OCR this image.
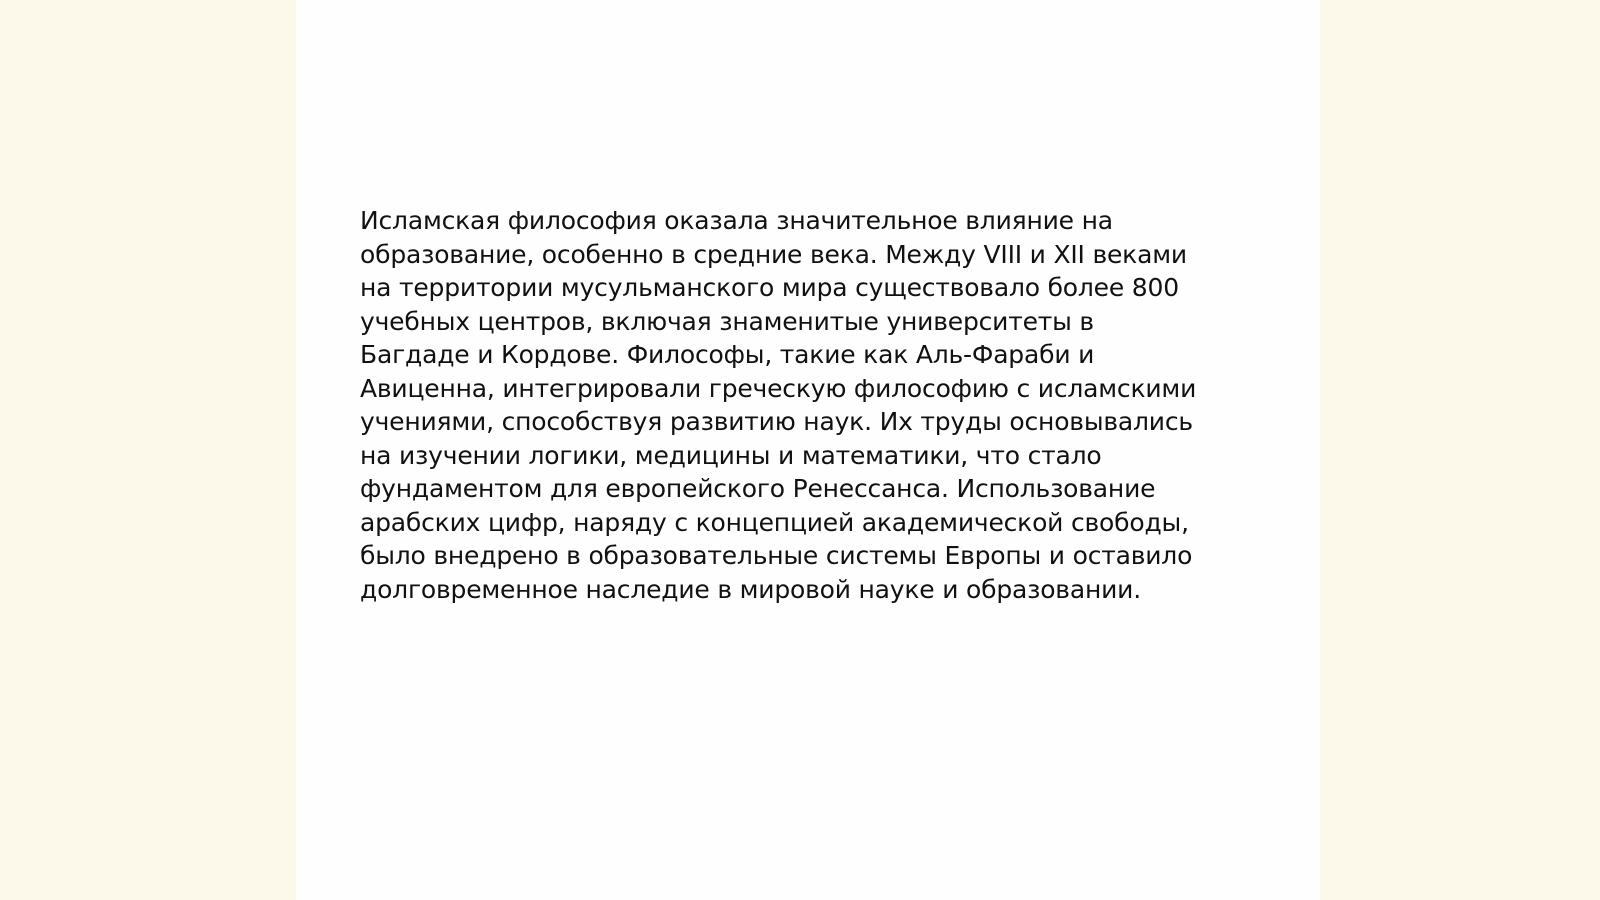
Исламская философия оказала значительное влияние на
образование, особенно в средние века. Между VIII и XII веками
на территории мусульманского мира существовало более 800
учебных центров, включая знаменитые университеты в
Багдаде и Кордове. Философы, такие как Аль-Фараби и
Авиценна, интегрировали греческую философию с исламскими
учениями, способствуя развитию наук. Их труды основывались
на изучении логики, медицины и математики, что стало
фундаментом для европейского Ренессанса. Использование
арабских цифр, наряду с концепцией академической свободы,
было внедрено в образовательные системы Европы и оставило
долговременное наследие в мировой науке и образовании.
